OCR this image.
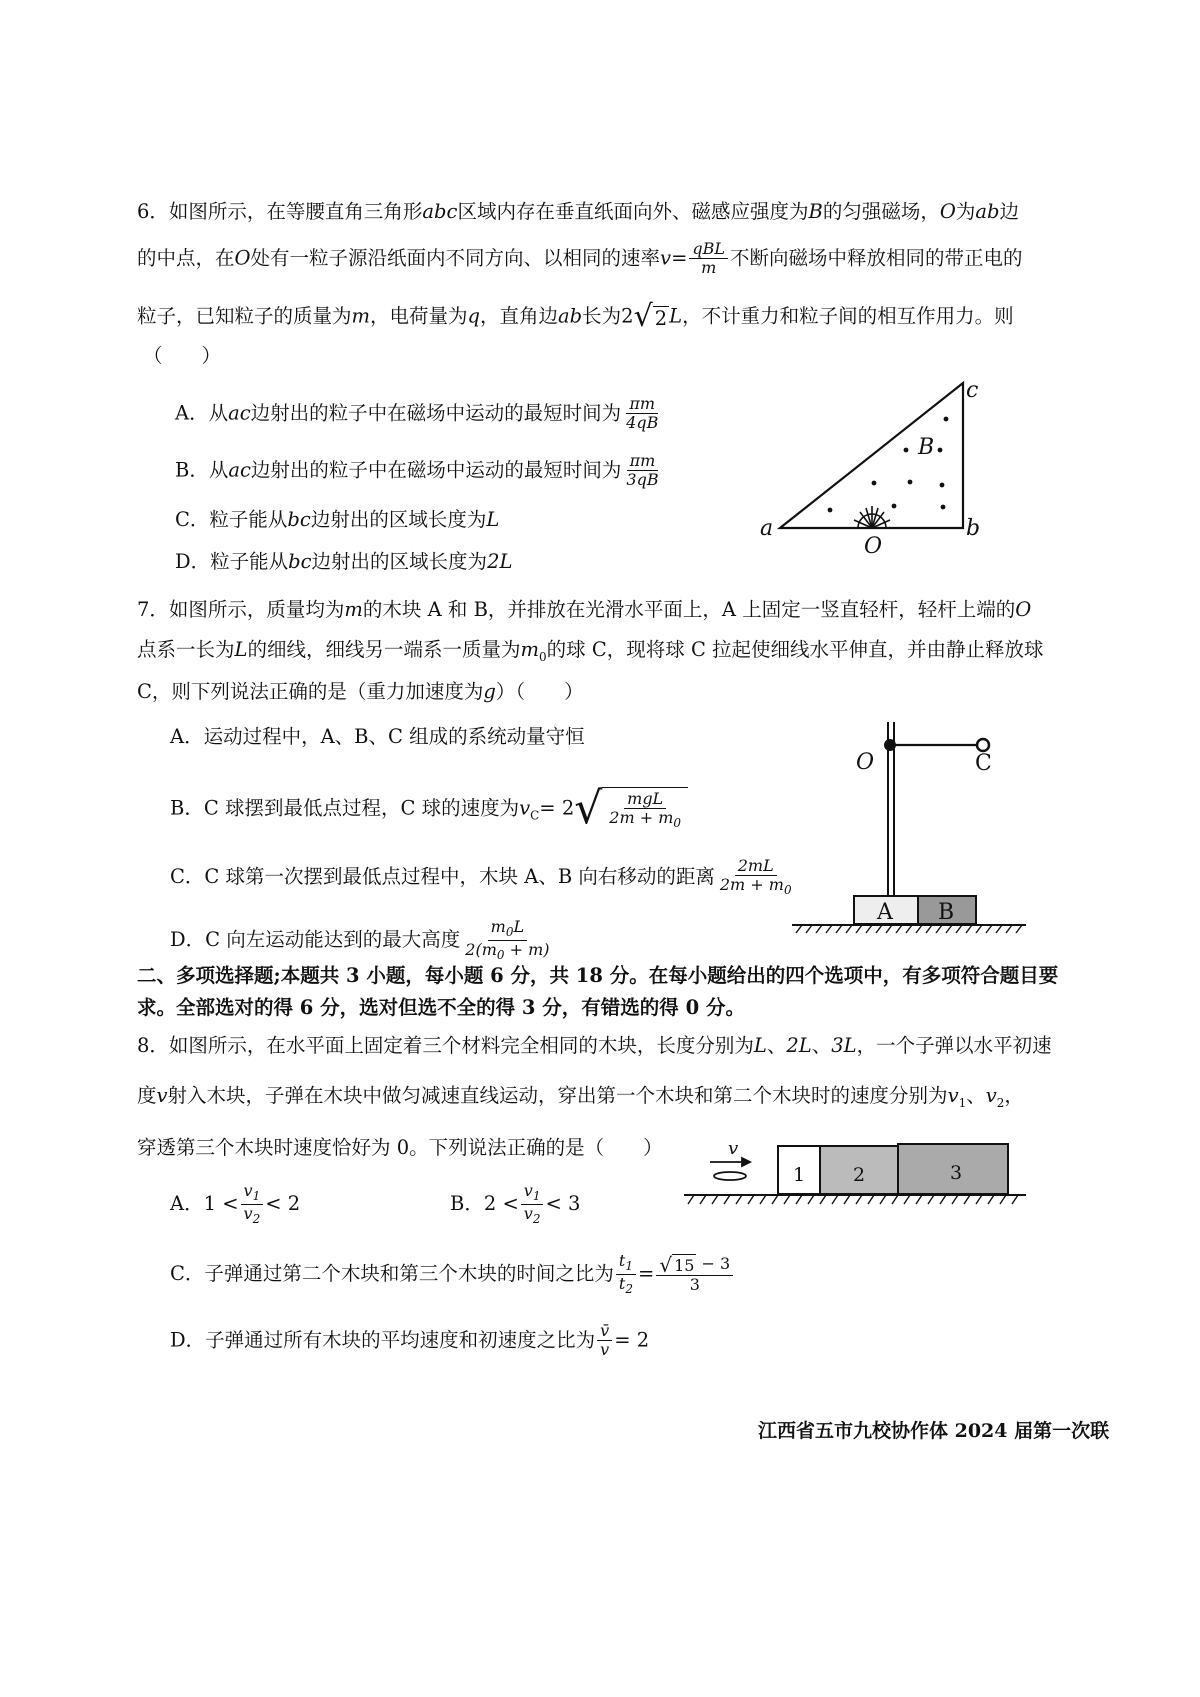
6．如图所示，在等腰直角三角形abc区域内存在垂直纸面向外、磁感应强度为B的匀强磁场，O为ab边
的中点，在O处有一粒子源沿纸面内不同方向、以相同的速率$v= \frac{\text{qBL}}{m}$ 不断向磁场中释放相同的带正电的
粒子，已知粒子的质量为m，电荷量为q，直角边ab长为2 √ 2 L，不计重力和粒子间的相互作用力。则
（　　）
A．从ac边射出的粒子中在磁场中运动的最短时间为 $\frac{\pi m}{4qB}$
B．从ac边射出的粒子中在磁场中运动的最短时间为 $\frac{\pi m}{3qB}$
C．粒子能从bc边射出的区域长度为L
D．粒子能从bc边射出的区域长度为2L
a	b
c
B
O
7．如图所示，质量均为m的木块 A 和 B，并排放在光滑水平面上，A 上固定一竖直轻杆，轻杆上端的O
点系一长为L的细线，细线另一端系一质量为$m_0$的球 C，现将球 C 拉起使细线水平伸直，并由静止释放球
C，则下列说法正确的是（重力加速度为g）（　　）
A．运动过程中，A、B、C 组成的系统动量守恒
B．C 球摆到最低点过程，C 球的速度为$v_C= 2$ √ $\frac{\text{mgL}}{2m + m_0}$
C．C 球第一次摆到最低点过程中，木块 A、B 向右移动的距离 $\frac{2mL}{2m + m_0}$
D．C 向左运动能达到的最大高度 $\frac{m_0L}{2(m_0 + m)}$
O	C
A B
二、多项选择题;本题共 3 小题，每小题 6 分，共 18 分。在每小题给出的四个选项中，有多项符合题目要
求。全部选对的得 6 分，选对但选不全的得 3 分，有错选的得 0 分。
8．如图所示，在水平面上固定着三个材料完全相同的木块，长度分别为L、2L、3L，一个子弹以水平初速
度v射入木块，子弹在木块中做匀减速直线运动，穿出第一个木块和第二个木块时的速度分别为$v_1$、$v_2$，
穿透第三个木块时速度恰好为 0。下列说法正确的是（　　）
A．$1 < \frac{v_1}{v_2} < 2$	B．$2 < \frac{v_1}{v_2} < 3$
C．子弹通过第二个木块和第三个木块的时间之比为 $\frac{t_1}{t_2} = \frac{√ 15 - 3}{3}$
D．子弹通过所有木块的平均速度和初速度之比为 $\frac{v̄}{v} = 2$
v
1	2	3
江西省五市九校协作体 2024 届第一次联
